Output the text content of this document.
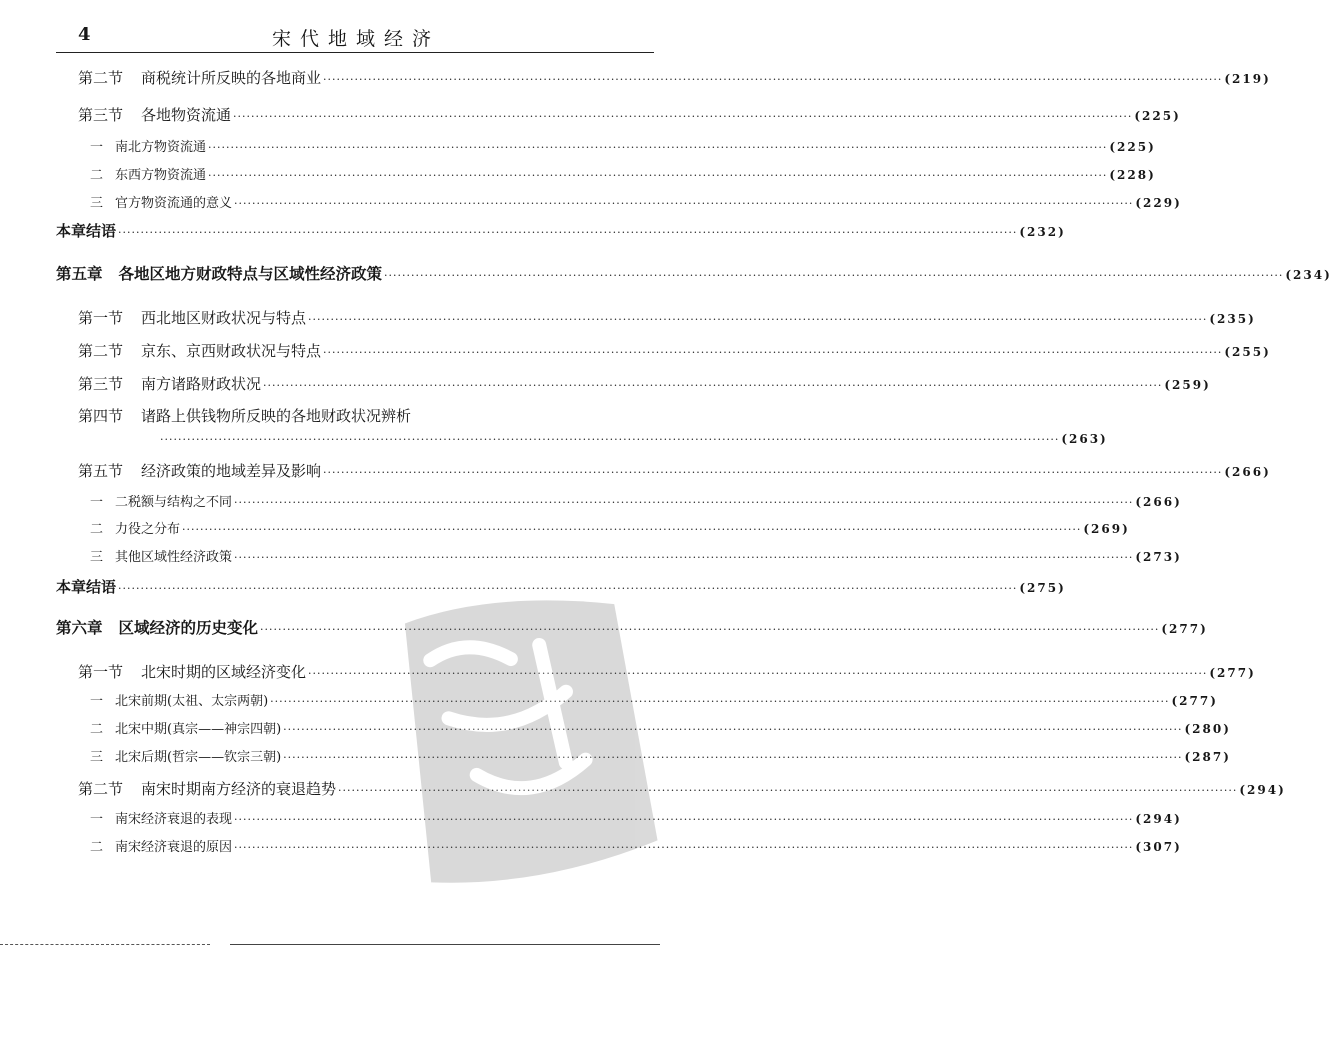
4	宋代地域经济
第二节 商税统计所反映的各地商业 ········································································································································································································ (219)
第三节 各地物资流通 ········································································································································································································ (225)
一 南北方物资流通 ········································································································································································································ (225)
二 东西方物资流通 ········································································································································································································ (228)
三 官方物资流通的意义 ········································································································································································································ (229)
本章结语 ········································································································································································································ (232)
第五章 各地区地方财政特点与区域性经济政策 ········································································································································································································ (234)
第一节 西北地区财政状况与特点 ········································································································································································································ (235)
第二节 京东、京西财政状况与特点 ········································································································································································································ (255)
第三节 南方诸路财政状况 ········································································································································································································ (259)
第四节 诸路上供钱物所反映的各地财政状况辨析
········································································································································································································ (263)
第五节 经济政策的地域差异及影响 ········································································································································································································ (266)
一 二税额与结构之不同 ········································································································································································································ (266)
二 力役之分布 ········································································································································································································ (269)
三 其他区域性经济政策 ········································································································································································································ (273)
本章结语 ········································································································································································································ (275)
第六章 区域经济的历史变化 ········································································································································································································ (277)
第一节 北宋时期的区域经济变化 ········································································································································································································ (277)
一 北宋前期(太祖、太宗两朝) ········································································································································································································ (277)
二 北宋中期(真宗——神宗四朝) ········································································································································································································ (280)
三 北宋后期(哲宗——钦宗三朝) ········································································································································································································ (287)
第二节 南宋时期南方经济的衰退趋势 ········································································································································································································ (294)
一 南宋经济衰退的表现 ········································································································································································································ (294)
二 南宋经济衰退的原因 ········································································································································································································ (307)
